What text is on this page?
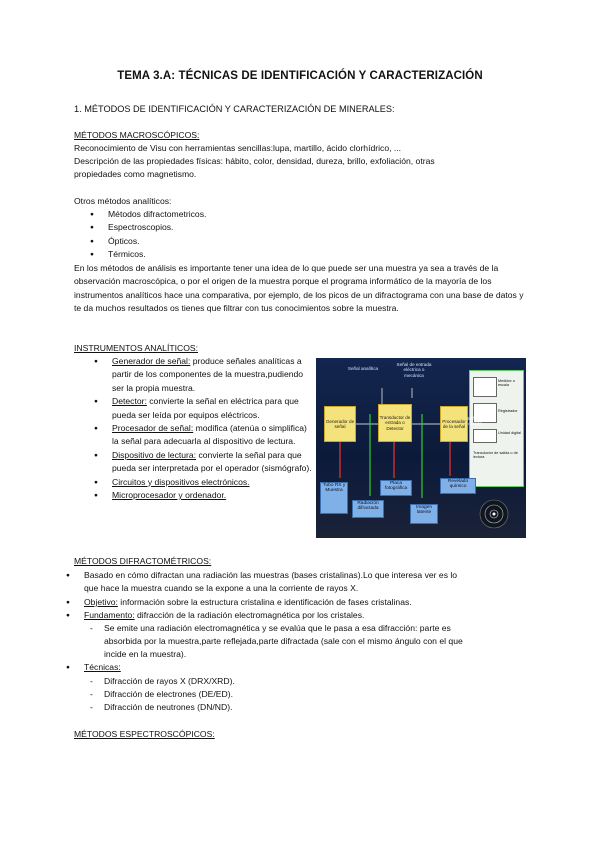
TEMA 3.A: TÉCNICAS DE IDENTIFICACIÓN Y CARACTERIZACIÓN
1. MÉTODOS DE IDENTIFICACIÓN Y CARACTERIZACIÓN DE MINERALES:
MÉTODOS MACROSCÓPICOS:
Reconocimiento de Visu con herramientas sencillas:lupa, martillo, ácido clorhídrico, ...
Descripción de las propiedades físicas: hábito, color, densidad, dureza, brillo, exfoliación, otras
propiedades como magnetismo.
Otros métodos analíticos:
● Métodos difractometricos.
● Espectroscopios.
● Ópticos.
● Térmicos.
En los métodos de análisis es importante tener una idea de lo que puede ser una muestra ya sea a través de la observación macroscópica, o por el origen de la muestra porque el programa informático de la mayoría de los instrumentos analíticos hace una comparativa, por ejemplo, de los picos de un difractograma con una base de datos y te da muchos resultados os tienes que filtrar con tus conocimientos sobre la muestra.
INSTRUMENTOS ANALÍTICOS:
● Generador de señal: produce señales analíticas a partir de los componentes de la muestra,pudiendo ser la propia muestra.
● Detector: convierte la señal en eléctrica para que pueda ser leída por equipos eléctricos.
● Procesador de señal: modifica (atenúa o simplifica) la señal para adecuarla al dispositivo de lectura.
● Dispositivo de lectura: convierte la señal para que pueda ser interpretada por el operador (sismógrafo).
● Circuitos y dispositivos electrónicos.
● Microprocesador y ordenador.
Señal analítica
Señal de entrada eléctrica o mecánica
Generador de señal
Transductor de entrada o Detector
Procesador de la señal
Medidor o escala
Registrador
Unidad digital
Transductor de salida o de lectura
Señal de salida
Tubo RX y Muestra
Placa fotográfica
Revelado químico
Radiación difractada	Imagen latente
MÉTODOS DIFRACTOMÉTRICOS:
● Basado en cómo difractan una radiación las muestras (bases cristalinas).Lo que interesa ver es lo
● Objetivo: información sobre la estructura cristalina e identificación de fases cristalinas.
● Fundamento: difracción de la radiación electromagnética por los cristales.
que hace la muestra cuando se la expone a una la corriente de rayos X.
- Se emite una radiación electromagnética y se evalúa que le pasa a esa difracción: parte es
absorbida por la muestra,parte reflejada,parte difractada (sale con el mismo ángulo con el que
incide en la muestra).
● Técnicas:
- Difracción de rayos X (DRX/XRD).
- Difracción de electrones (DE/ED).
- Difracción de neutrones (DN/ND).
MÉTODOS ESPECTROSCÓPICOS:
